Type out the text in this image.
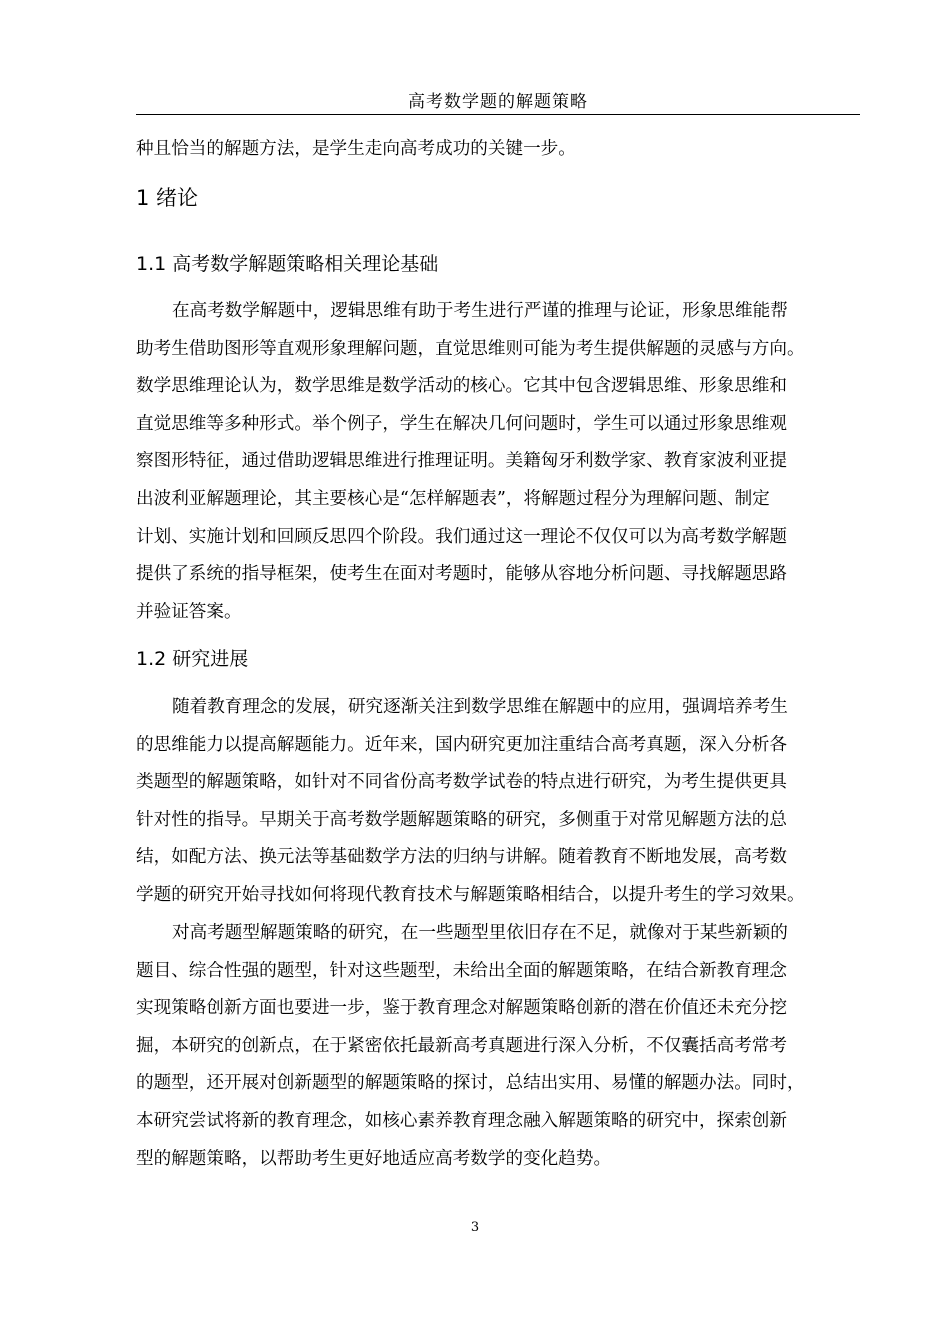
高考数学题的解题策略
种且恰当的解题方法，是学生走向高考成功的关键一步。
1 绪论
1.1 高考数学解题策略相关理论基础
在高考数学解题中，逻辑思维有助于考生进行严谨的推理与论证，形象思维能帮
助考生借助图形等直观形象理解问题，直觉思维则可能为考生提供解题的灵感与方向。
数学思维理论认为，数学思维是数学活动的核心。它其中包含逻辑思维、形象思维和
直觉思维等多种形式。举个例子，学生在解决几何问题时，学生可以通过形象思维观
察图形特征，通过借助逻辑思维进行推理证明。美籍匈牙利数学家、教育家波利亚提
出波利亚解题理论，其主要核心是“怎样解题表”，将解题过程分为理解问题、制定
计划、实施计划和回顾反思四个阶段。我们通过这一理论不仅仅可以为高考数学解题
提供了系统的指导框架，使考生在面对考题时，能够从容地分析问题、寻找解题思路
并验证答案。
1.2 研究进展
随着教育理念的发展，研究逐渐关注到数学思维在解题中的应用，强调培养考生
的思维能力以提高解题能力。近年来，国内研究更加注重结合高考真题，深入分析各
类题型的解题策略，如针对不同省份高考数学试卷的特点进行研究，为考生提供更具
针对性的指导。早期关于高考数学题解题策略的研究，多侧重于对常见解题方法的总
结，如配方法、换元法等基础数学方法的归纳与讲解。随着教育不断地发展，高考数
学题的研究开始寻找如何将现代教育技术与解题策略相结合，以提升考生的学习效果。
对高考题型解题策略的研究，在一些题型里依旧存在不足，就像对于某些新颖的
题目、综合性强的题型，针对这些题型，未给出全面的解题策略，在结合新教育理念
实现策略创新方面也要进一步，鉴于教育理念对解题策略创新的潜在价值还未充分挖
掘，本研究的创新点，在于紧密依托最新高考真题进行深入分析，不仅囊括高考常考
的题型，还开展对创新题型的解题策略的探讨，总结出实用、易懂的解题办法。同时，
本研究尝试将新的教育理念，如核心素养教育理念融入解题策略的研究中，探索创新
型的解题策略，以帮助考生更好地适应高考数学的变化趋势。
3
